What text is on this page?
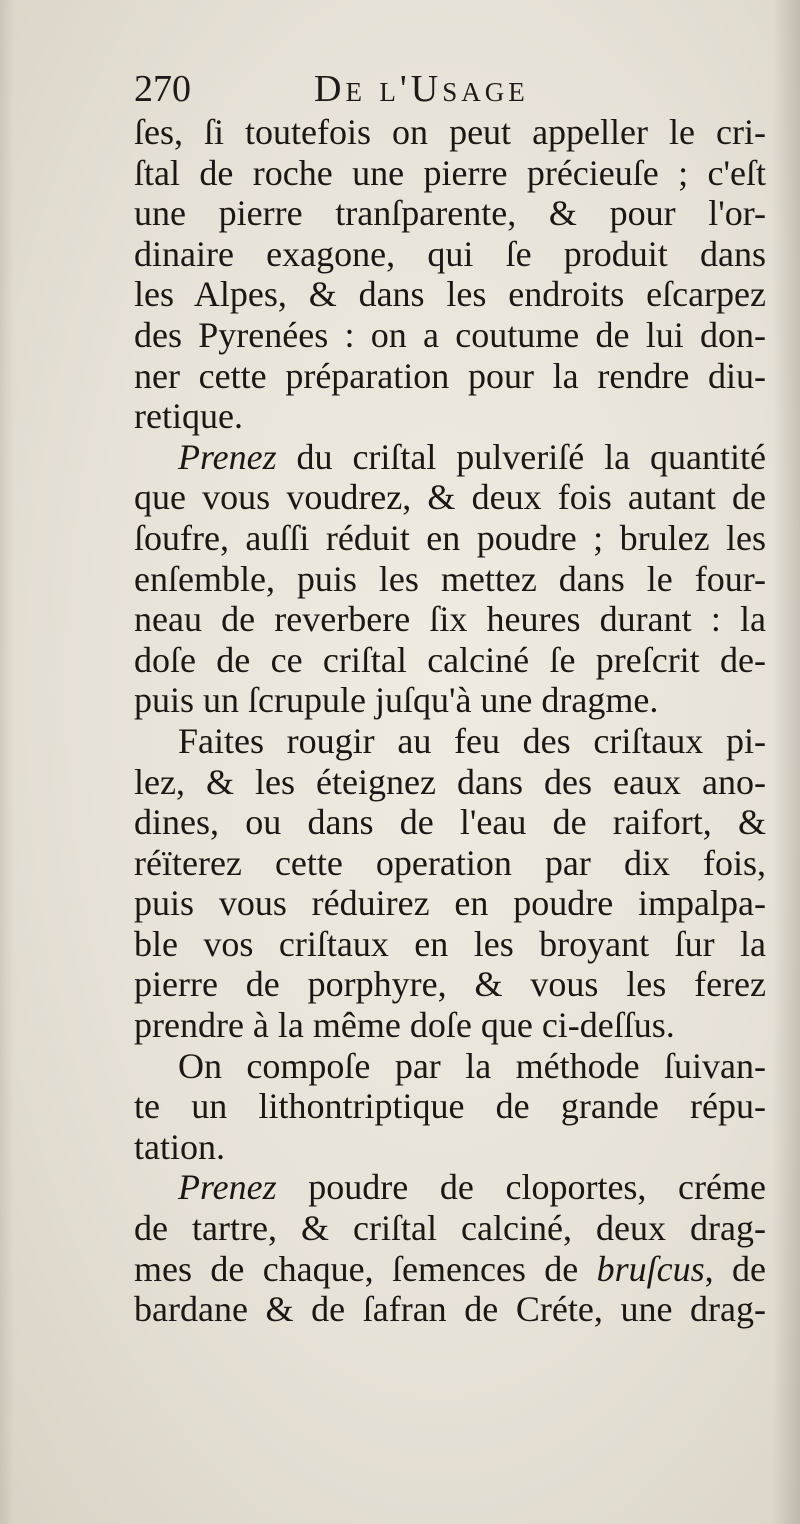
270	De l'Usage
ſes, ſi toutefois on peut appeller le cri-
ſtal de roche une pierre précieuſe ; c'eſt
une pierre tranſparente, & pour l'or-
dinaire exagone, qui ſe produit dans
les Alpes, & dans les endroits eſcarpez
des Pyrenées : on a coutume de lui don-
ner cette préparation pour la rendre diu-
retique.
Prenez du criſtal pulveriſé la quantité
que vous voudrez, & deux fois autant de
ſoufre, auſſi réduit en poudre ; brulez les
enſemble, puis les mettez dans le four-
neau de reverbere ſix heures durant : la
doſe de ce criſtal calciné ſe preſcrit de-
puis un ſcrupule juſqu'à une dragme.
Faites rougir au feu des criſtaux pi-
lez, & les éteignez dans des eaux ano-
dines, ou dans de l'eau de raifort, &
réïterez cette operation par dix fois,
puis vous réduirez en poudre impalpa-
ble vos criſtaux en les broyant ſur la
pierre de porphyre, & vous les ferez
prendre à la même doſe que ci-deſſus.
On compoſe par la méthode ſuivan-
te un lithontriptique de grande répu-
tation.
Prenez poudre de cloportes, créme
de tartre, & criſtal calciné, deux drag-
mes de chaque, ſemences de bruſcus, de
bardane & de ſafran de Créte, une drag-
